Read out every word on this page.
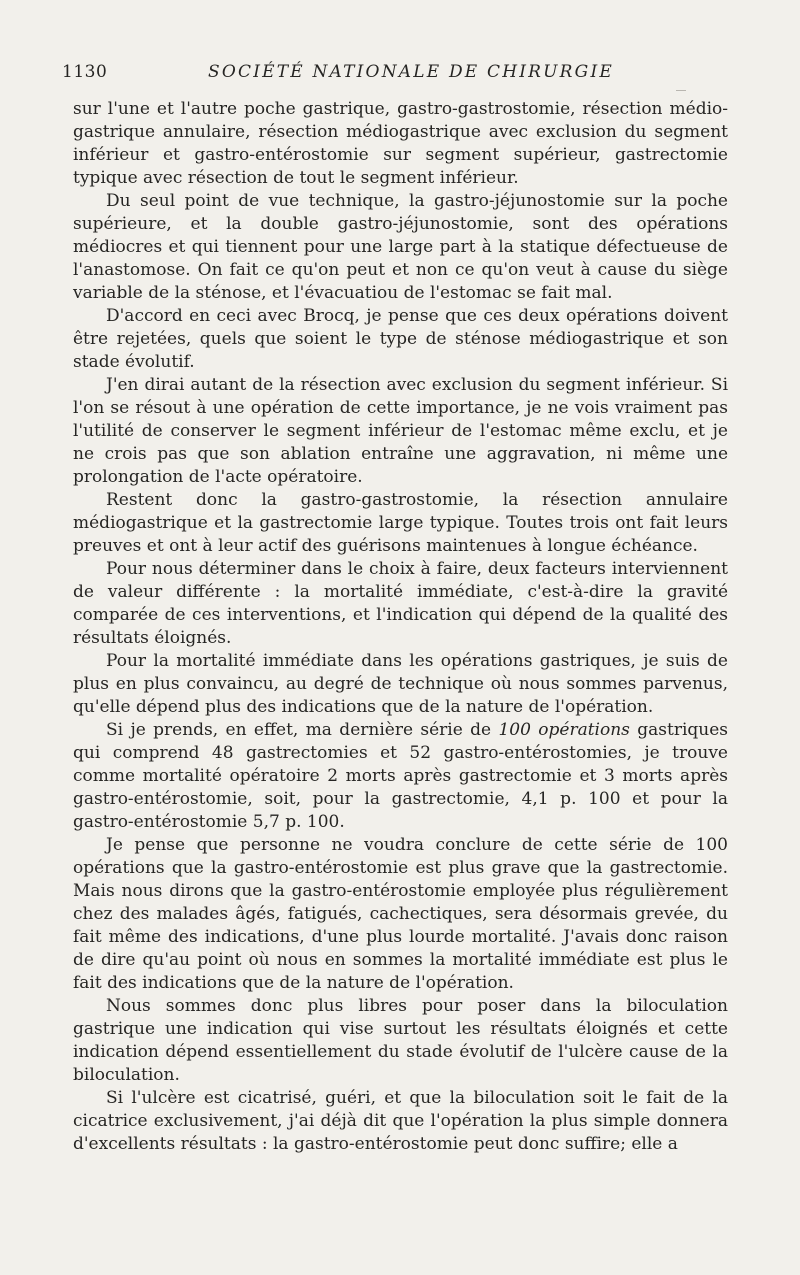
1130	SOCIÉTÉ NATIONALE DE CHIRURGIE

sur l'une et l'autre poche gastrique, gastro-gastrostomie, résection médio-gastrique annulaire, résection médiogastrique avec exclusion du segment inférieur et gastro-entérostomie sur segment supérieur, gastrectomie typique avec résection de tout le segment inférieur.

Du seul point de vue technique, la gastro-jéjunostomie sur la poche supérieure, et la double gastro-jéjunostomie, sont des opérations médiocres et qui tiennent pour une large part à la statique défectueuse de l'anastomose. On fait ce qu'on peut et non ce qu'on veut à cause du siège variable de la sténose, et l'évacuatiou de l'estomac se fait mal.

D'accord en ceci avec Brocq, je pense que ces deux opérations doivent être rejetées, quels que soient le type de sténose médiogastrique et son stade évolutif.

J'en dirai autant de la résection avec exclusion du segment inférieur. Si l'on se résout à une opération de cette importance, je ne vois vraiment pas l'utilité de conserver le segment inférieur de l'estomac même exclu, et je ne crois pas que son ablation entraîne une aggravation, ni même une prolongation de l'acte opératoire.

Restent donc la gastro-gastrostomie, la résection annulaire médiogastrique et la gastrectomie large typique. Toutes trois ont fait leurs preuves et ont à leur actif des guérisons maintenues à longue échéance.

Pour nous déterminer dans le choix à faire, deux facteurs interviennent de valeur différente : la mortalité immédiate, c'est-à-dire la gravité comparée de ces interventions, et l'indication qui dépend de la qualité des résultats éloignés.

Pour la mortalité immédiate dans les opérations gastriques, je suis de plus en plus convaincu, au degré de technique où nous sommes parvenus, qu'elle dépend plus des indications que de la nature de l'opération.

Si je prends, en effet, ma dernière série de 100 opérations gastriques qui comprend 48 gastrectomies et 52 gastro-entérostomies, je trouve comme mortalité opératoire 2 morts après gastrectomie et 3 morts après gastro-entérostomie, soit, pour la gastrectomie, 4,1 p. 100 et pour la gastro-entérostomie 5,7 p. 100.

Je pense que personne ne voudra conclure de cette série de 100 opérations que la gastro-entérostomie est plus grave que la gastrectomie. Mais nous dirons que la gastro-entérostomie employée plus régulièrement chez des malades âgés, fatigués, cachectiques, sera désormais grevée, du fait même des indications, d'une plus lourde mortalité. J'avais donc raison de dire qu'au point où nous en sommes la mortalité immédiate est plus le fait des indications que de la nature de l'opération.

Nous sommes donc plus libres pour poser dans la biloculation gastrique une indication qui vise surtout les résultats éloignés et cette indication dépend essentiellement du stade évolutif de l'ulcère cause de la biloculation.

Si l'ulcère est cicatrisé, guéri, et que la biloculation soit le fait de la cicatrice exclusivement, j'ai déjà dit que l'opération la plus simple donnera d'excellents résultats : la gastro-entérostomie peut donc suffire; elle a
